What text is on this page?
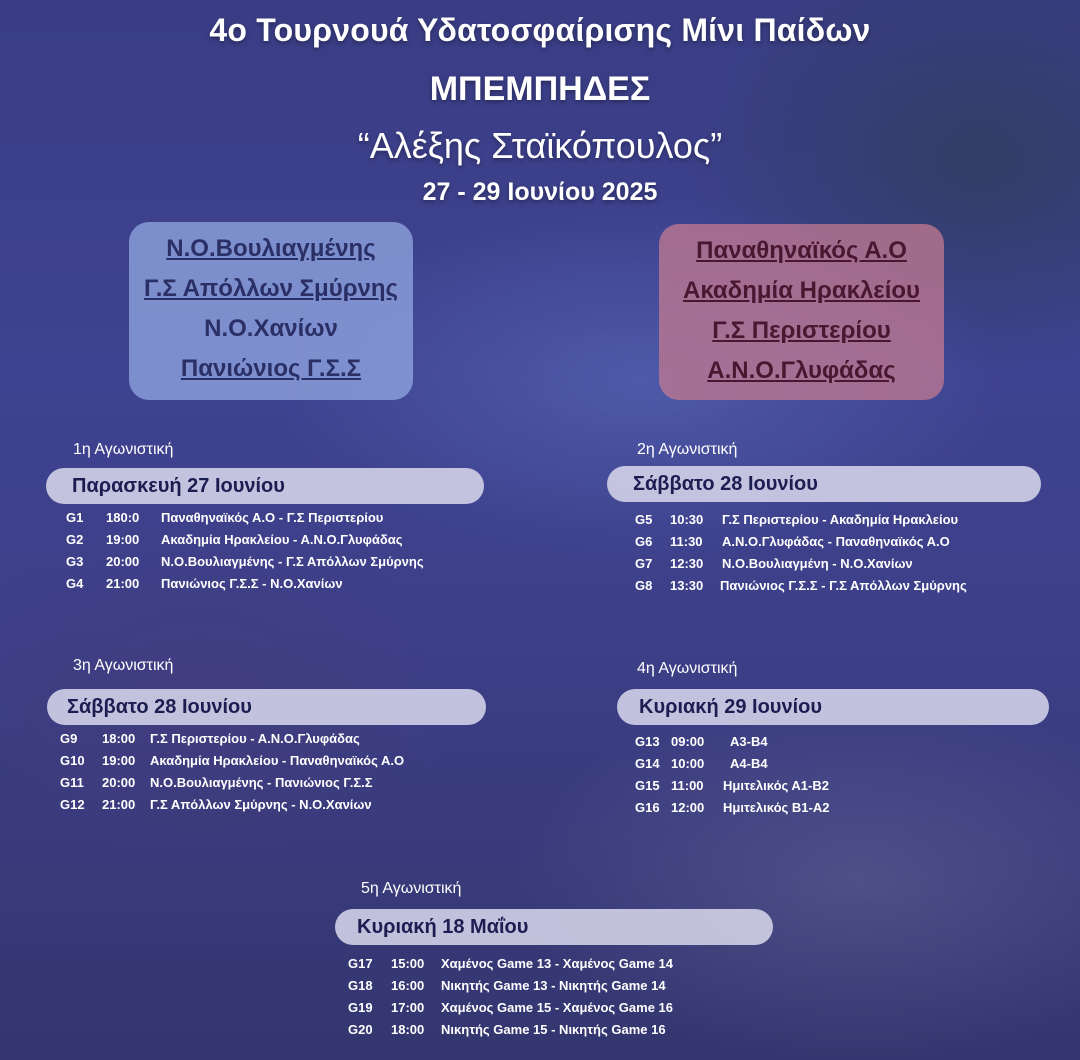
4ο Τουρνουά Υδατοσφαίρισης Μίνι Παίδων
ΜΠΕΜΠΗΔΕΣ
“Αλέξης Σταϊκόπουλος”
27 - 29 Ιουνίου 2025
Ν.Ο.Βουλιαγμένης
Γ.Σ Απόλλων Σμύρνης
Ν.Ο.Χανίων
Πανιώνιος Γ.Σ.Σ
Παναθηναϊκός Α.Ο
Ακαδημία Ηρακλείου
Γ.Σ Περιστερίου
Α.Ν.Ο.Γλυφάδας
1η Αγωνιστική
Παρασκευή 27 Ιουνίου
G1 180:0 Παναθηναϊκός Α.Ο - Γ.Σ Περιστερίου
G2 19:00 Ακαδημία Ηρακλείου - Α.Ν.Ο.Γλυφάδας
G3 20:00 Ν.Ο.Βουλιαγμένης - Γ.Σ Απόλλων Σμύρνης
G4 21:00 Πανιώνιος Γ.Σ.Σ - Ν.Ο.Χανίων
2η Αγωνιστική
Σάββατο 28 Ιουνίου
G5 10:30 Γ.Σ Περιστερίου - Ακαδημία Ηρακλείου
G6 11:30 Α.Ν.Ο.Γλυφάδας - Παναθηναϊκός Α.Ο
G7 12:30 Ν.Ο.Βουλιαγμένη - Ν.Ο.Χανίων
G8 13:30 Πανιώνιος Γ.Σ.Σ - Γ.Σ Απόλλων Σμύρνης
3η Αγωνιστική
Σάββατο 28 Ιουνίου
G9 18:00 Γ.Σ Περιστερίου - Α.Ν.Ο.Γλυφάδας
G10 19:00 Ακαδημία Ηρακλείου - Παναθηναϊκός Α.Ο
G11 20:00 Ν.Ο.Βουλιαγμένης - Πανιώνιος Γ.Σ.Σ
G12 21:00 Γ.Σ Απόλλων Σμύρνης - Ν.Ο.Χανίων
4η Αγωνιστική
Κυριακή 29 Ιουνίου
G13 09:00 Α3-Β4
G14 10:00 Α4-Β4
G15 11:00 Ημιτελικός Α1-Β2
G16 12:00 Ημιτελικός Β1-Α2
5η Αγωνιστική
Κυριακή 18 Μαΐου
G17 15:00 Χαμένος Game 13 - Χαμένος Game 14
G18 16:00 Νικητής Game 13 - Νικητής Game 14
G19 17:00 Χαμένος Game 15 - Χαμένος Game 16
G20 18:00 Νικητής Game 15 - Νικητής Game 16
